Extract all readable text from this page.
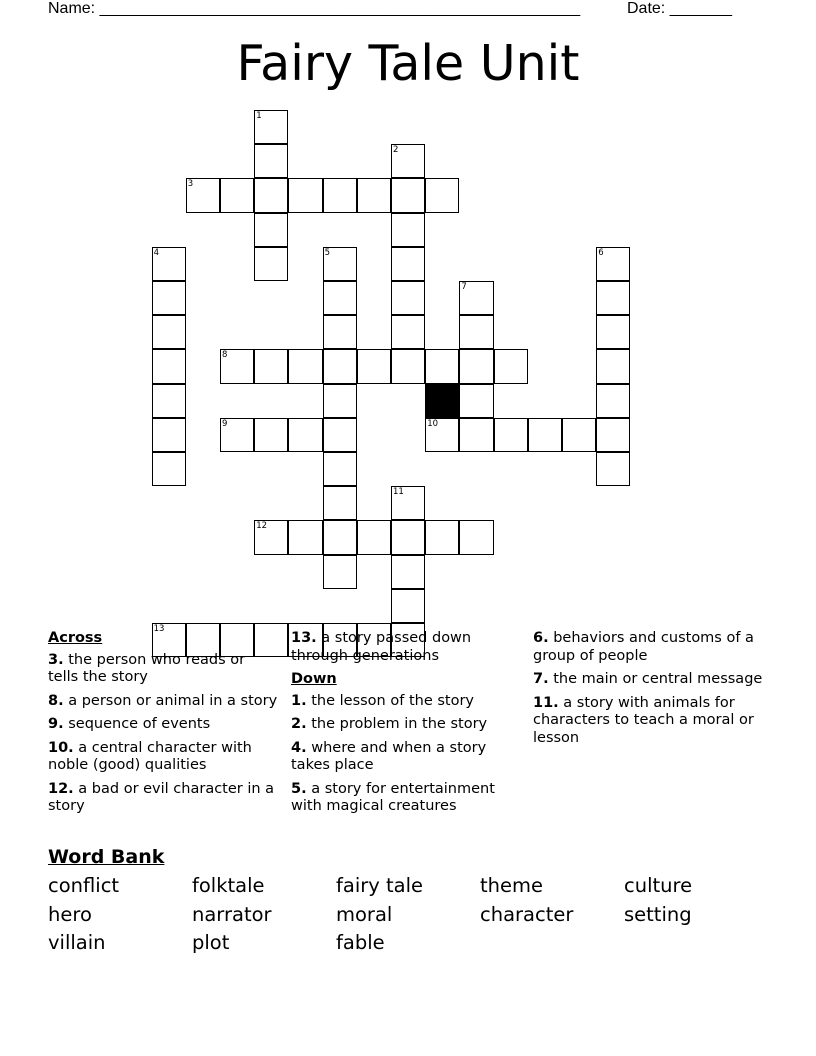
Name: ______________________________________________________	Date: _______
Fairy Tale Unit
1
2
3
4	5	6
7
8
9	10
11
12
13
Across
3. the person who reads or tells the story
8. a person or animal in a story
9. sequence of events
10. a central character with noble (good) qualities
12. a bad or evil character in a story
13. a story passed down through generations
Down
1. the lesson of the story
2. the problem in the story
4. where and when a story takes place
5. a story for entertainment with magical creatures
6. behaviors and customs of a group of people
7. the main or central message
11. a story with animals for characters to teach a moral or lesson
Word Bank
conflict	folktale	fairy tale	theme	culture
hero	narrator	moral	character	setting
villain	plot	fable
